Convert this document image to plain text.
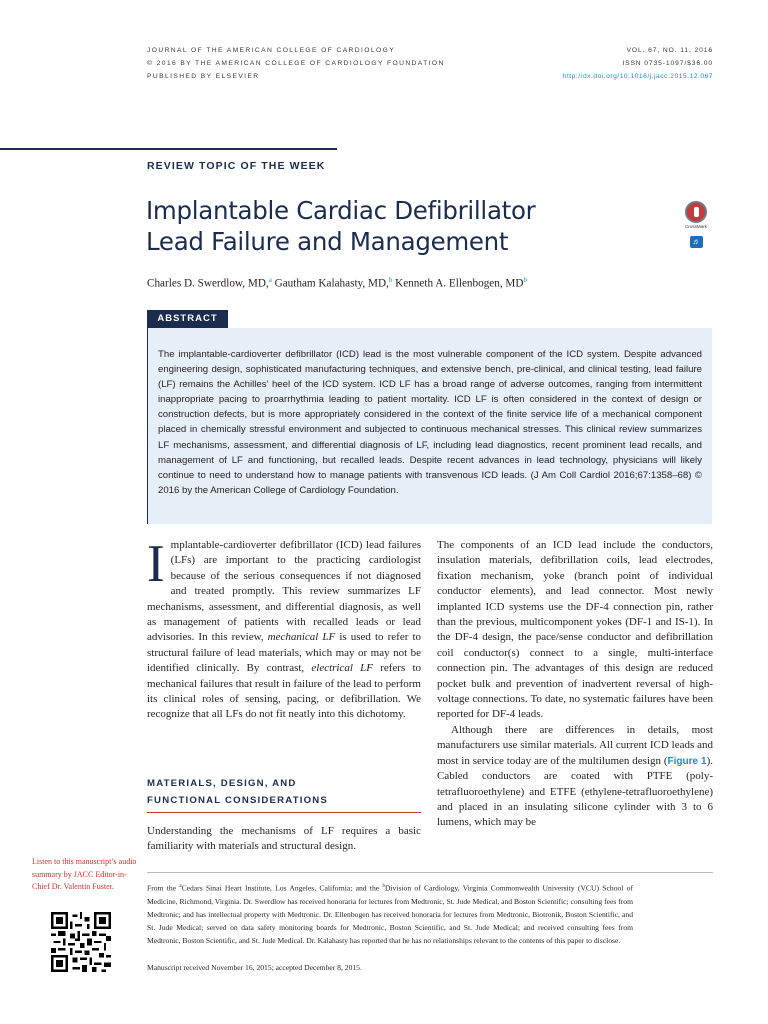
JOURNAL OF THE AMERICAN COLLEGE OF CARDIOLOGY
© 2016 BY THE AMERICAN COLLEGE OF CARDIOLOGY FOUNDATION
PUBLISHED BY ELSEVIER
VOL. 67, NO. 11, 2016
ISSN 0735-1097/$36.00
http://dx.doi.org/10.1016/j.jacc.2015.12.067
REVIEW TOPIC OF THE WEEK
Implantable Cardiac Defibrillator
Lead Failure and Management
CrossMark
♬
Charles D. Swerdlow, MD,$^a$ Gautham Kalahasty, MD,$^b$ Kenneth A. Ellenbogen, $MD^b$
ABSTRACT
The implantable-cardioverter defibrillator (ICD) lead is the most vulnerable component of the ICD system. Despite advanced engineering design, sophisticated manufacturing techniques, and extensive bench, pre-clinical, and clinical testing, lead failure (LF) remains the Achilles’ heel of the ICD system. ICD LF has a broad range of adverse outcomes, ranging from intermittent inappropriate pacing to proarrhythmia leading to patient mortality. ICD LF is often considered in the context of design or construction defects, but is more appropriately considered in the context of the finite service life of a mechanical component placed in chemically stressful environment and subjected to continuous mechanical stresses. This clinical review summarizes LF mechanisms, assessment, and differential diagnosis of LF, including lead diagnostics, recent prominent lead recalls, and management of LF and functioning, but recalled leads. Despite recent advances in lead technology, physicians will likely continue to need to understand how to manage patients with transvenous ICD leads. (J Am Coll Cardiol 2016;67:1358–68) © 2016 by the American College of Cardiology Foundation.

Implantable-cardioverter defibrillator (ICD) lead failures (LFs) are important to the practicing cardiologist because of the serious consequences if not diagnosed and treated promptly. This review summarizes LF mechanisms, assessment, and differential diagnosis, as well as management of patients with recalled leads or lead advisories. In this review, mechanical LF is used to refer to structural failure of lead materials, which may or may not be identified clinically. By contrast, electrical LF refers to mechanical failures that result in failure of the lead to perform its clinical roles of sensing, pacing, or defibrillation. We recognize that all LFs do not fit neatly into this dichotomy.

MATERIALS, DESIGN, AND
FUNCTIONAL CONSIDERATIONS
Understanding the mechanisms of LF requires a basic familiarity with materials and structural design.

The components of an ICD lead include the conductors, insulation materials, defibrillation coils, lead electrodes, fixation mechanism, yoke (branch point of individual conductor elements), and lead connector. Most newly implanted ICD systems use the DF-4 connection pin, rather than the previous, multicomponent yokes (DF-1 and IS-1). In the DF-4 design, the pace/sense conductor and defibrillation coil conductor(s) connect to a single, multi-interface connection pin. The advantages of this design are reduced pocket bulk and prevention of inadvertent reversal of high-voltage connections. To date, no systematic failures have been reported for DF-4 leads.

Although there are differences in details, most manufacturers use similar materials. All current ICD leads and most in service today are of the multilumen design (Figure 1). Cabled conductors are coated with PTFE (poly-tetrafluoroethylene) and ETFE (ethylene-tetrafluoroethylene) and placed in an insulating silicone cylinder with 3 to 6 lumens, which may be

Listen to this manuscript’s audio summary by JACC Editor-in-Chief Dr. Valentin Fuster.	From the $^a$Cedars Sinai Heart Institute, Los Angeles, California; and the $^b$Division of Cardiology, Virginia Commonwealth University (VCU) School of Medicine, Richmond, Virginia. Dr. Swerdlow has received honoraria for lectures from Medtronic, St. Jude Medical, and Boston Scientific; consulting fees from Medtronic; and has intellectual property with Medtronic. Dr. Ellenbogen has received honoraria for lectures from Medtronic, Biotronik, Boston Scientific, and St. Jude Medical; served on data safety monitoring boards for Medtronic, Boston Scientific, and St. Jude Medical; and received consulting fees from Medtronic, Boston Scientific, and St. Jude Medical. Dr. Kalahasty has reported that he has no relationships relevant to the contents of this paper to disclose.
Manuscript received November 16, 2015; accepted December 8, 2015.
